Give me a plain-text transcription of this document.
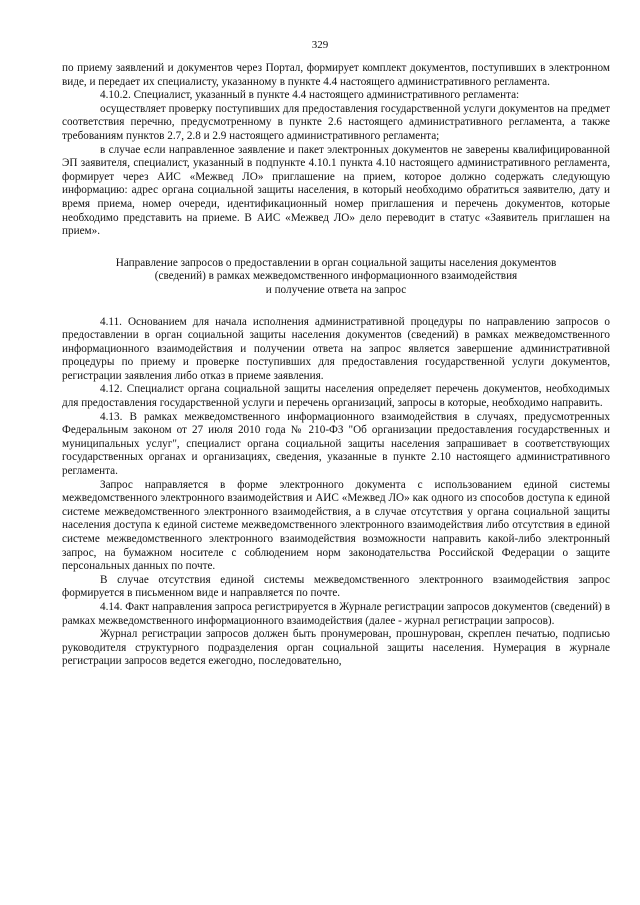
329

по приему заявлений и документов через Портал, формирует комплект документов, поступивших в электронном виде, и передает их специалисту, указанному в пункте 4.4 настоящего административного регламента.

4.10.2. Специалист, указанный в пункте 4.4 настоящего административного регламента:

осуществляет проверку поступивших для предоставления государственной услуги документов на предмет соответствия перечню, предусмотренному в пункте 2.6 настоящего административного регламента, а также требованиям пунктов 2.7, 2.8 и 2.9 настоящего административного регламента;

в случае если направленное заявление и пакет электронных документов не заверены квалифицированной ЭП заявителя, специалист, указанный в подпункте 4.10.1 пункта 4.10 настоящего административного регламента, формирует через АИС «Межвед ЛО» приглашение на прием, которое должно содержать следующую информацию: адрес органа социальной защиты населения, в который необходимо обратиться заявителю, дату и время приема, номер очереди, идентификационный номер приглашения и перечень документов, которые необходимо представить на приеме. В АИС «Межвед ЛО» дело переводит в статус «Заявитель приглашен на прием».

Направление запросов о предоставлении в орган социальной защиты населения документов
(сведений) в рамках межведомственного информационного взаимодействия
и получение ответа на запрос

4.11. Основанием для начала исполнения административной процедуры по направлению запросов о предоставлении в орган социальной защиты населения документов (сведений) в рамках межведомственного информационного взаимодействия и получении ответа на запрос является завершение административной процедуры по приему и проверке поступивших для предоставления государственной услуги документов, регистрации заявления либо отказ в приеме заявления.

4.12. Специалист органа социальной защиты населения определяет перечень документов, необходимых для предоставления государственной услуги и перечень организаций, запросы в которые, необходимо направить.

4.13. В рамках межведомственного информационного взаимодействия в случаях, предусмотренных Федеральным законом от 27 июля 2010 года № 210-ФЗ "Об организации предоставления государственных и муниципальных услуг", специалист органа социальной защиты населения запрашивает в соответствующих государственных органах и организациях, сведения, указанные в пункте 2.10 настоящего административного регламента.

Запрос направляется в форме электронного документа с использованием единой системы межведомственного электронного взаимодействия и АИС «Межвед ЛО» как одного из способов доступа к единой системе межведомственного электронного взаимодействия, а в случае отсутствия у органа социальной защиты населения доступа к единой системе межведомственного электронного взаимодействия либо отсутствия в единой системе межведомственного электронного взаимодействия возможности направить какой-либо электронный запрос, на бумажном носителе с соблюдением норм законодательства Российской Федерации о защите персональных данных по почте.

В случае отсутствия единой системы межведомственного электронного взаимодействия запрос формируется в письменном виде и направляется по почте.

4.14. Факт направления запроса регистрируется в Журнале регистрации запросов документов (сведений) в рамках межведомственного информационного взаимодействия (далее - журнал регистрации запросов).

Журнал регистрации запросов должен быть пронумерован, прошнурован, скреплен печатью, подписью руководителя структурного подразделения орган социальной защиты населения. Нумерация в журнале регистрации запросов ведется ежегодно, последовательно,
